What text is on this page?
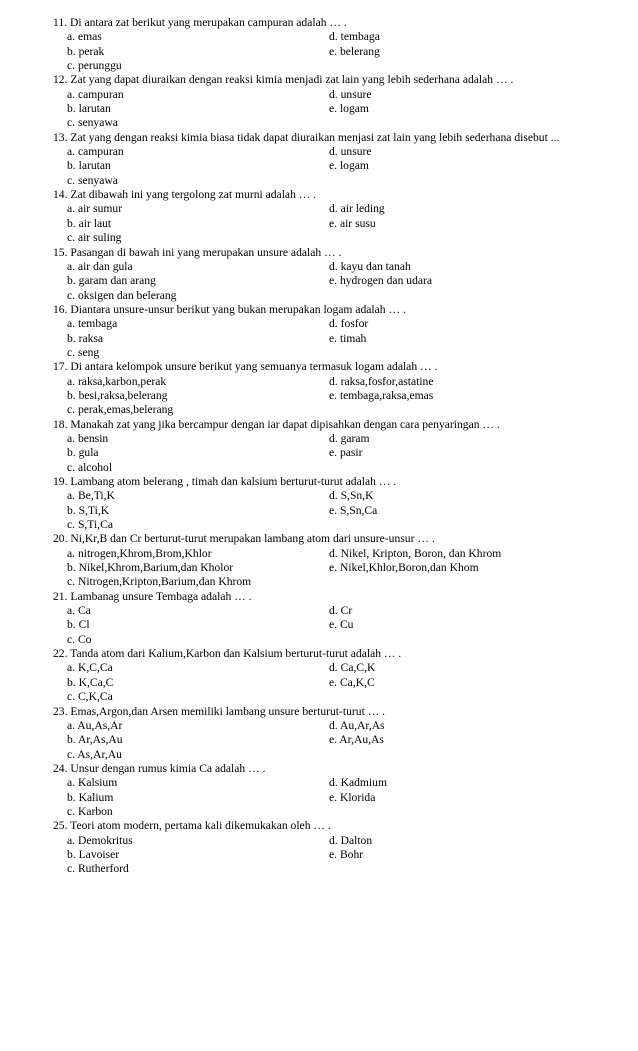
11. Di antara zat berikut yang merupakan campuran adalah … .
a. emas	d. tembaga
b. perak	e. belerang
c. perunggu
12. Zat yang dapat diuraikan dengan reaksi kimia menjadi zat lain yang lebih sederhana adalah … .
a. campuran	d. unsure
b. larutan	e. logam
c. senyawa
13. Zat yang dengan reaksi kimia biasa tidak dapat diuraikan menjasi zat lain yang lebih sederhana disebut ...
a. campuran	d. unsure
b. larutan	e. logam
c. senyawa
14. Zat dibawah ini yang tergolong zat murni adalah … .
a. air sumur	d. air leding
b. air laut	e. air susu
c. air suling
15. Pasangan di bawah ini yang merupakan unsure adalah … .
a. air dan gula	d. kayu dan tanah
b. garam dan arang	e. hydrogen dan udara
c. oksigen dan belerang
16. Diantara unsure-unsur berikut yang bukan merupakan logam adalah … .
a. tembaga	d. fosfor
b. raksa	e. timah
c. seng
17. Di antara kelompok unsure berikut yang semuanya termasuk logam adalah … .
a. raksa,karbon,perak	d. raksa,fosfor,astatine
b. besi,raksa,belerang	e. tembaga,raksa,emas
c. perak,emas,belerang
18. Manakah zat yang jika bercampur dengan iar dapat dipisahkan dengan cara penyaringan … .
a. bensin	d. garam
b. gula	e. pasir
c. alcohol
19. Lambang atom belerang , timah dan kalsium berturut-turut adalah … .
a. Be,Ti,K	d. S,Sn,K
b. S,Ti,K	e. S,Sn,Ca
c. S,Ti,Ca
20. Ni,Kr,B dan Cr berturut-turut merupakan lambang atom dari unsure-unsur … .
a. nitrogen,Khrom,Brom,Khlor	d. Nikel, Kripton, Boron, dan Khrom
b. Nikel,Khrom,Barium,dan Kholor	e. Nikel,Khlor,Boron,dan Khom
c. Nitrogen,Kripton,Barium,dan Khrom
21. Lambanag unsure Tembaga adalah … .
a. Ca	d. Cr
b. Cl	e. Cu
c. Co
22. Tanda atom dari Kalium,Karbon dan Kalsium berturut-turut adalah … .
a. K,C,Ca	d. Ca,C,K
b. K,Ca,C	e. Ca,K,C
c. C,K,Ca
23. Emas,Argon,dan Arsen memiliki lambang unsure berturut-turut … .
a. Au,As,Ar	d. Au,Ar,As
b. Ar,As,Au	e. Ar,Au,As
c. As,Ar,Au
24. Unsur dengan rumus kimia Ca adalah … .
a. Kalsium	d. Kadmium
b. Kalium	e. Klorida
c. Karbon
25. Teori atom modern, pertama kali dikemukakan oleh … .
a. Demokritus	d. Dalton
b. Lavoiser	e. Bohr
c. Rutherford
